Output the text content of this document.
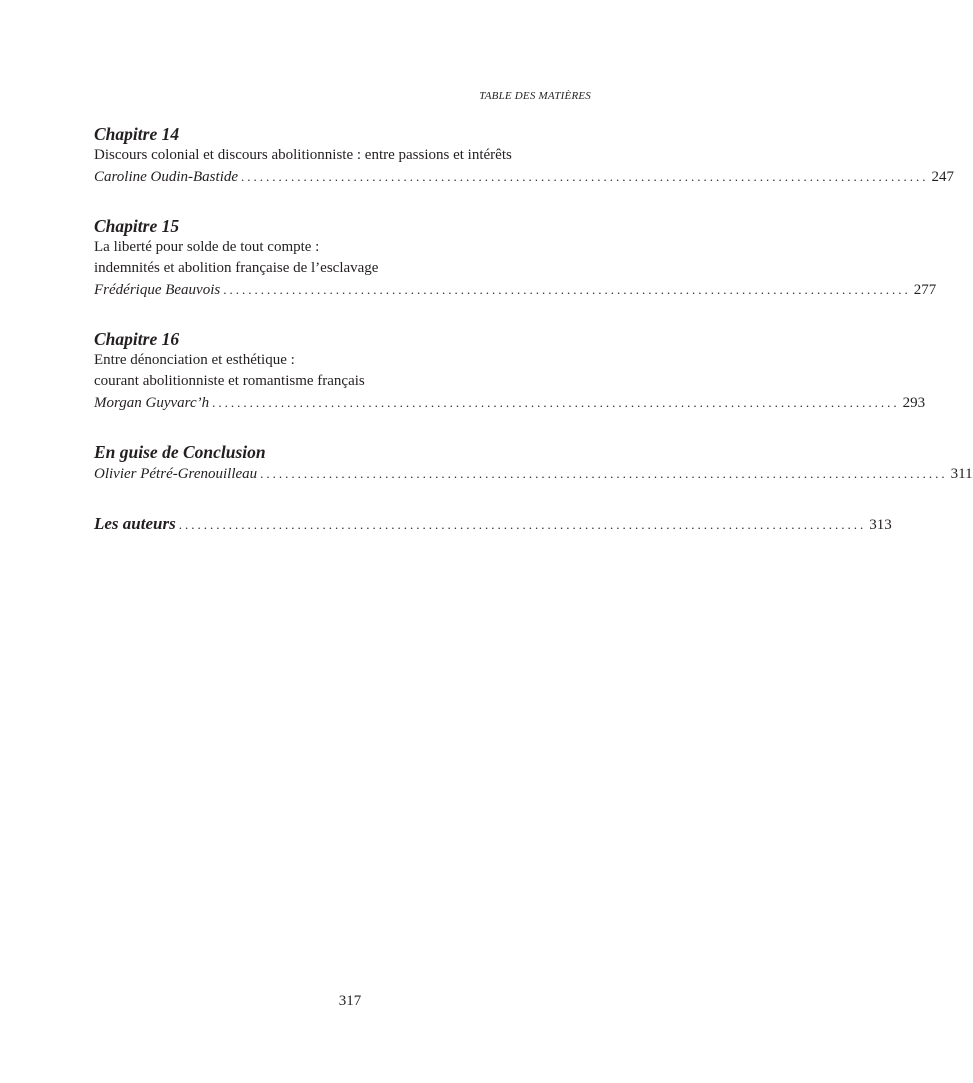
TABLE DES MATIÈRES
Chapitre 14
Discours colonial et discours abolitionniste : entre passions et intérêts
Caroline Oudin-Bastide .............................................................................................................. 247
Chapitre 15
La liberté pour solde de tout compte :
indemnités et abolition française de l’esclavage
Frédérique Beauvois .............................................................................................................. 277
Chapitre 16
Entre dénonciation et esthétique :
courant abolitionniste et romantisme français
Morgan Guyvarc’h .............................................................................................................. 293
En guise de Conclusion
Olivier Pétré-Grenouilleau .............................................................................................................. 311
Les auteurs .............................................................................................................. 313
317
